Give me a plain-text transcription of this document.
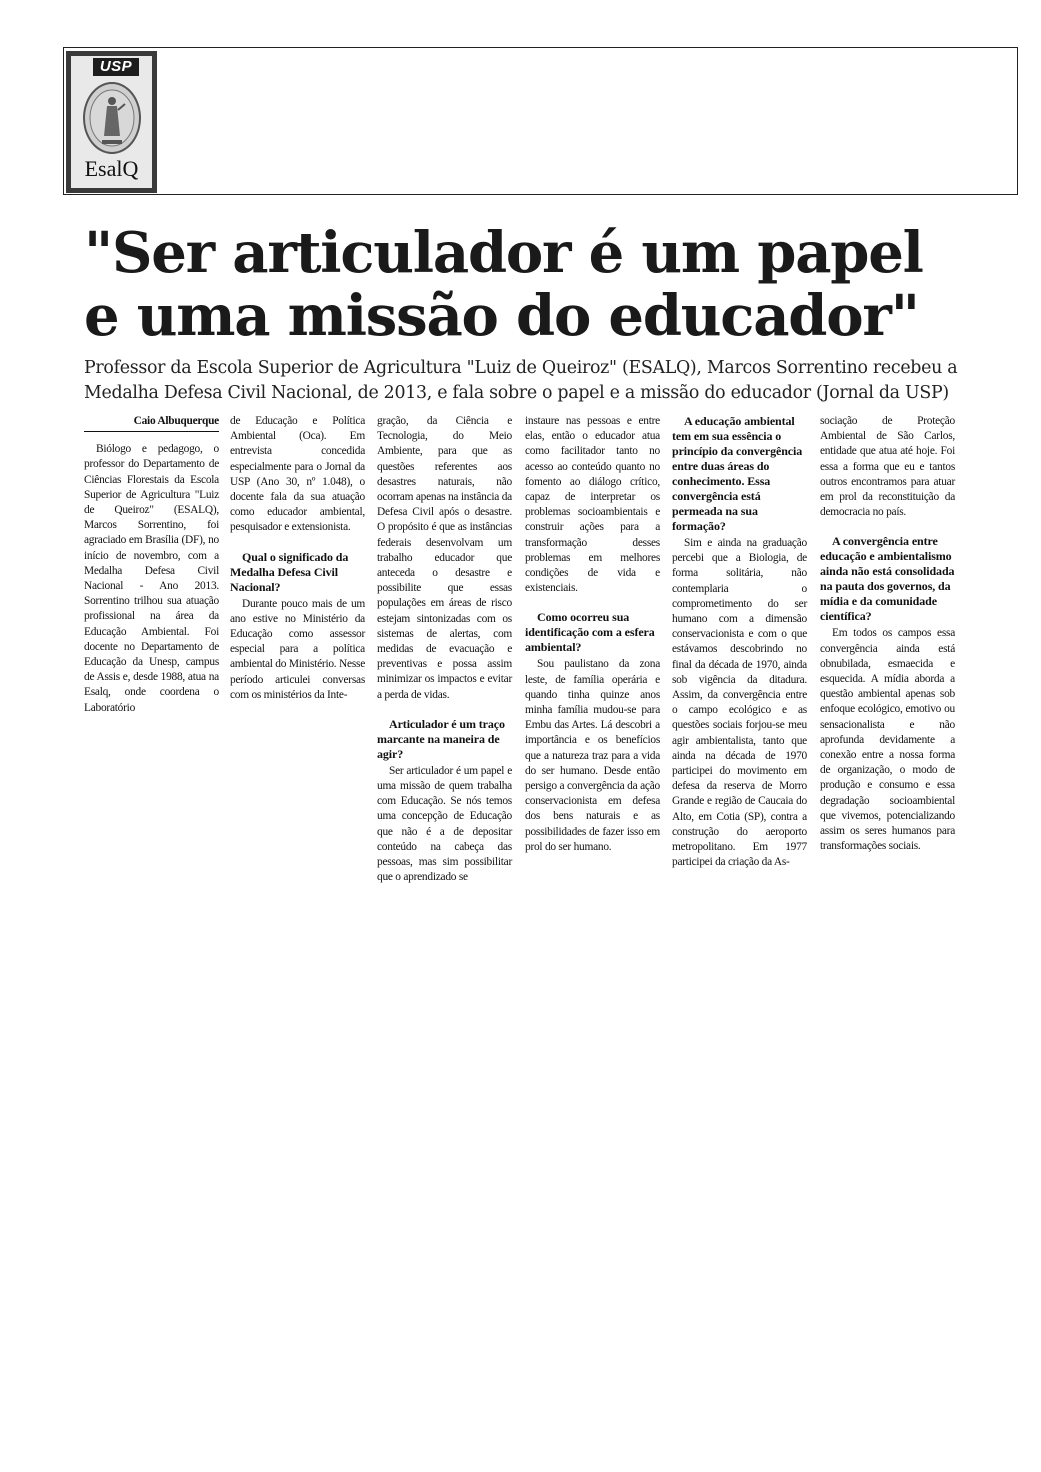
USP
EsalQ
"Ser articulador é um papel e uma missão do educador"

Professor da Escola Superior de Agricultura "Luiz de Queiroz" (ESALQ), Marcos Sorrentino recebeu a Medalha Defesa Civil Nacional, de 2013, e fala sobre o papel e a missão do educador (Jornal da USP)

Caio Albuquerque

Biólogo e pedagogo, o professor do Departamento de Ciências Florestais da Escola Superior de Agricultura "Luiz de Queiroz" (ESALQ), Marcos Sorrentino, foi agraciado em Brasília (DF), no início de novembro, com a Medalha Defesa Civil Nacional - Ano 2013. Sorrentino trilhou sua atuação profissional na área da Educação Ambiental. Foi docente no Departamento de Educação da Unesp, campus de Assis e, desde 1988, atua na Esalq, onde coordena o Laboratório

de Educação e Política Ambiental (Oca). Em entrevista concedida especialmente para o Jornal da USP (Ano 30, nº 1.048), o docente fala da sua atuação como educador ambiental, pesquisador e extensionista.

Qual o significado da Medalha Defesa Civil Nacional?

Durante pouco mais de um ano estive no Ministério da Educação como assessor especial para a política ambiental do Ministério. Nesse período articulei conversas com os ministérios da Inte-

gração, da Ciência e Tecnologia, do Meio Ambiente, para que as questões referentes aos desastres naturais, não ocorram apenas na instância da Defesa Civil após o desastre. O propósito é que as instâncias federais desenvolvam um trabalho educador que anteceda o desastre e possibilite que essas populações em áreas de risco estejam sintonizadas com os sistemas de alertas, com medidas de evacuação e preventivas e possa assim minimizar os impactos e evitar a perda de vidas.

Articulador é um traço marcante na maneira de agir?

Ser articulador é um papel e uma missão de quem trabalha com Educação. Se nós temos uma concepção de Educação que não é a de depositar conteúdo na cabeça das pessoas, mas sim possibilitar que o aprendizado se

instaure nas pessoas e entre elas, então o educador atua como facilitador tanto no acesso ao conteúdo quanto no fomento ao diálogo crítico, capaz de interpretar os problemas socioambientais e construir ações para a transformação desses problemas em melhores condições de vida e existenciais.

Como ocorreu sua identificação com a esfera ambiental?

Sou paulistano da zona leste, de família operária e quando tinha quinze anos minha família mudou-se para Embu das Artes. Lá descobri a importância e os benefícios que a natureza traz para a vida do ser humano. Desde então persigo a convergência da ação conservacionista em defesa dos bens naturais e as possibilidades de fazer isso em prol do ser humano.

A educação ambiental tem em sua essência o princípio da convergência entre duas áreas do conhecimento. Essa convergência está permeada na sua formação?

Sim e ainda na graduação percebi que a Biologia, de forma solitária, não contemplaria o comprometimento do ser humano com a dimensão conservacionista e com o que estávamos descobrindo no final da década de 1970, ainda sob vigência da ditadura. Assim, da convergência entre o campo ecológico e as questões sociais forjou-se meu agir ambientalista, tanto que ainda na década de 1970 participei do movimento em defesa da reserva de Morro Grande e região de Caucaia do Alto, em Cotia (SP), contra a construção do aeroporto metropolitano. Em 1977 participei da criação da As-

sociação de Proteção Ambiental de São Carlos, entidade que atua até hoje. Foi essa a forma que eu e tantos outros encontramos para atuar em prol da reconstituição da democracia no país.

A convergência entre educação e ambientalismo ainda não está consolidada na pauta dos governos, da mídia e da comunidade científica?

Em todos os campos essa convergência ainda está obnubilada, esmaecida e esquecida. A mídia aborda a questão ambiental apenas sob enfoque ecológico, emotivo ou sensacionalista e não aprofunda devidamente a conexão entre a nossa forma de organização, o modo de produção e consumo e essa degradação socioambiental que vivemos, potencializando assim os seres humanos para transformações sociais.
